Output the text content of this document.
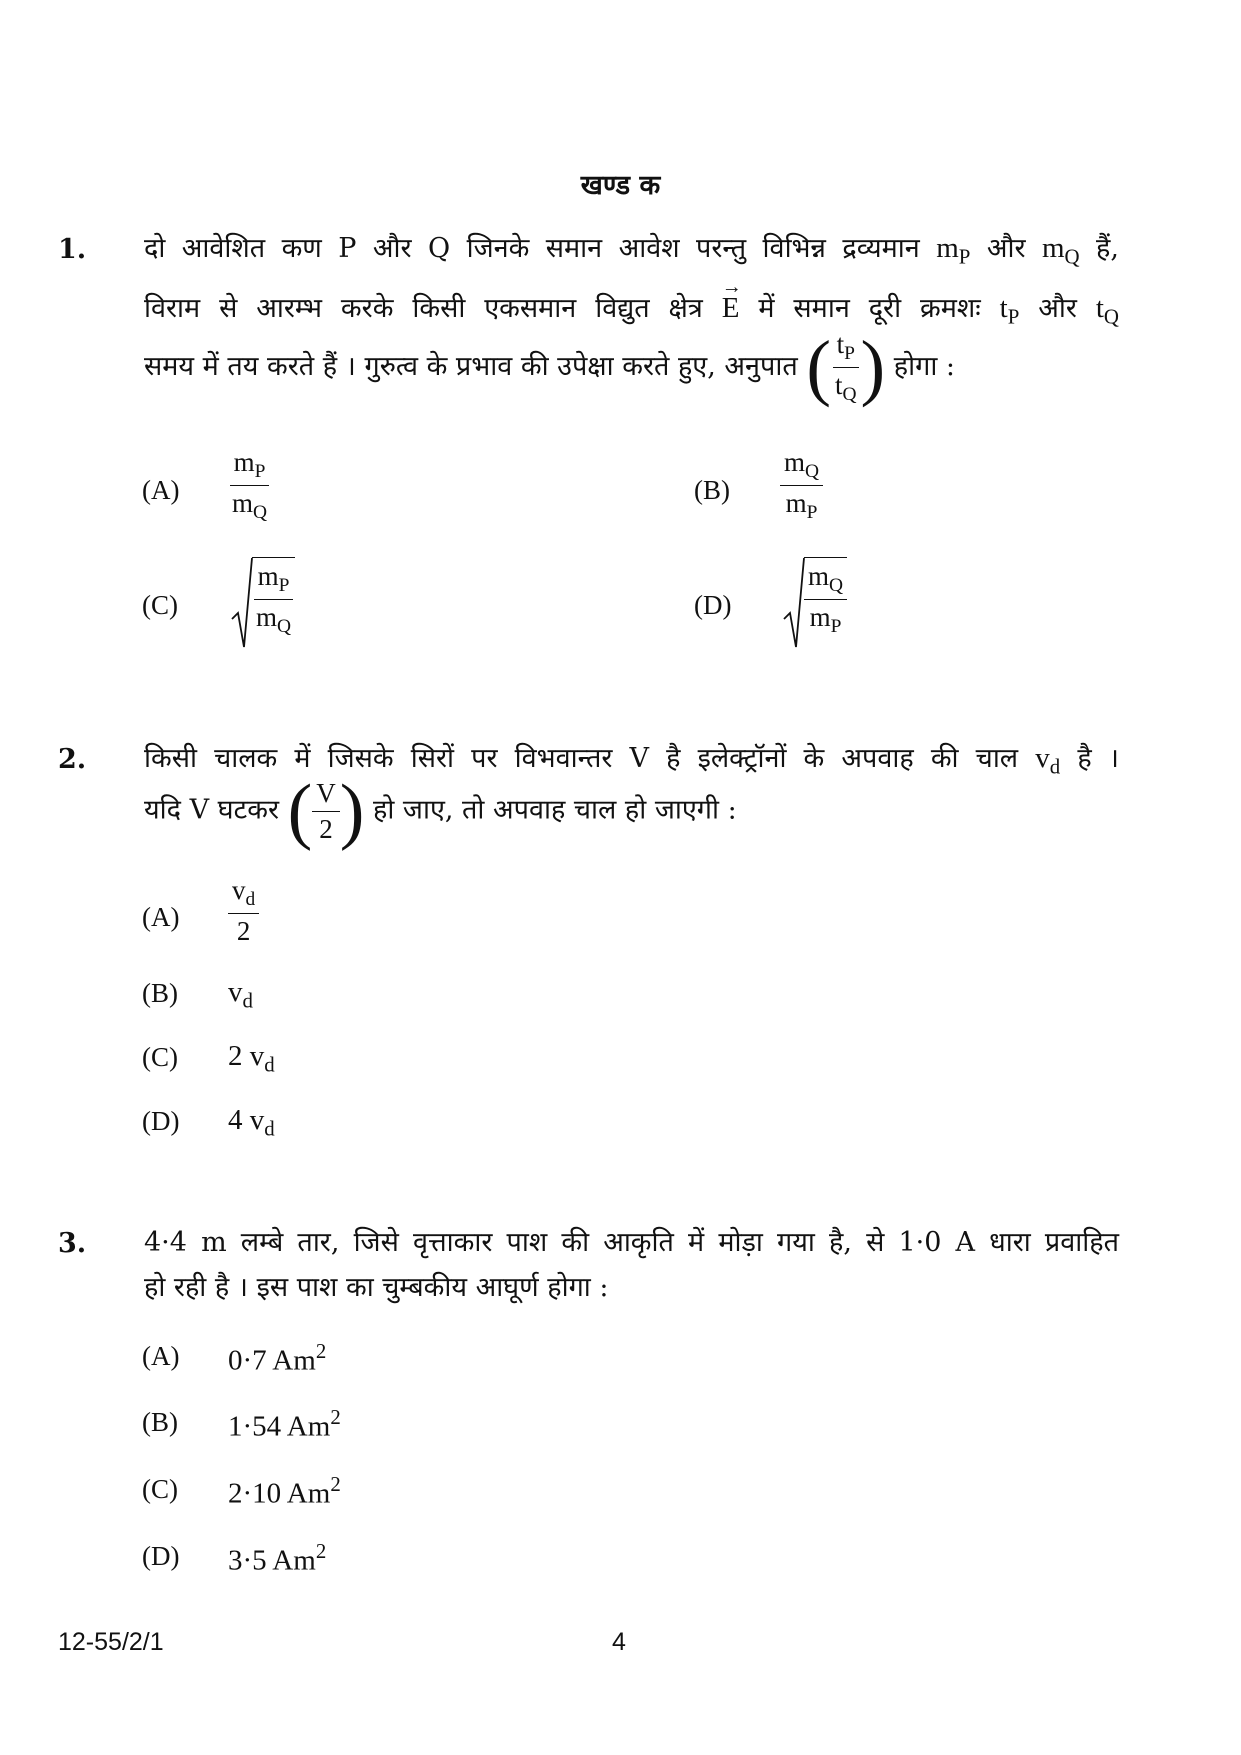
खण्ड क
1. दो आवेशित कण P और Q जिनके समान आवेश परन्तु विभिन्न द्रव्यमान $m_P$ और $m_Q$ हैं,
विराम से आरम्भ करके किसी एकसमान विद्युत क्षेत्र
→
E में समान दूरी क्रमशः $t_P$ और $t_Q$
समय में तय करते हैं । गुरुत्व के प्रभाव की उपेक्षा करते हुए, अनुपात ( $\frac{t_P}{t_Q}$ ) होगा :
$(A) \frac{m_P}{m_Q}$	$(B) \frac{m_Q}{m_P}$
(C)	$\frac{m_P}{m_Q}$	(D)	$\frac{m_Q}{m_P}$
2. किसी चालक में जिसके सिरों पर विभवान्तर V है इलेक्ट्रॉनों के अपवाह की चाल $v_d$ है ।
यदि V घटकर ( $\frac{V}{2}$ ) हो जाए, तो अपवाह चाल हो जाएगी :
$(A) \frac{v_d}{2}$
(B) $v_d$
(C) 2 $v_d$
(D) 4 $v_d$
3. 4·4 m लम्बे तार, जिसे वृत्ताकार पाश की आकृति में मोड़ा गया है, से 1·0 A धारा प्रवाहित
हो रही है । इस पाश का चुम्बकीय आघूर्ण होगा :
(A) 0·7 Am$^2$
(B) 1·54 Am$^2$
(C) 2·10 Am$^2$
(D) 3·5 Am$^2$
12-55/2/1	4
